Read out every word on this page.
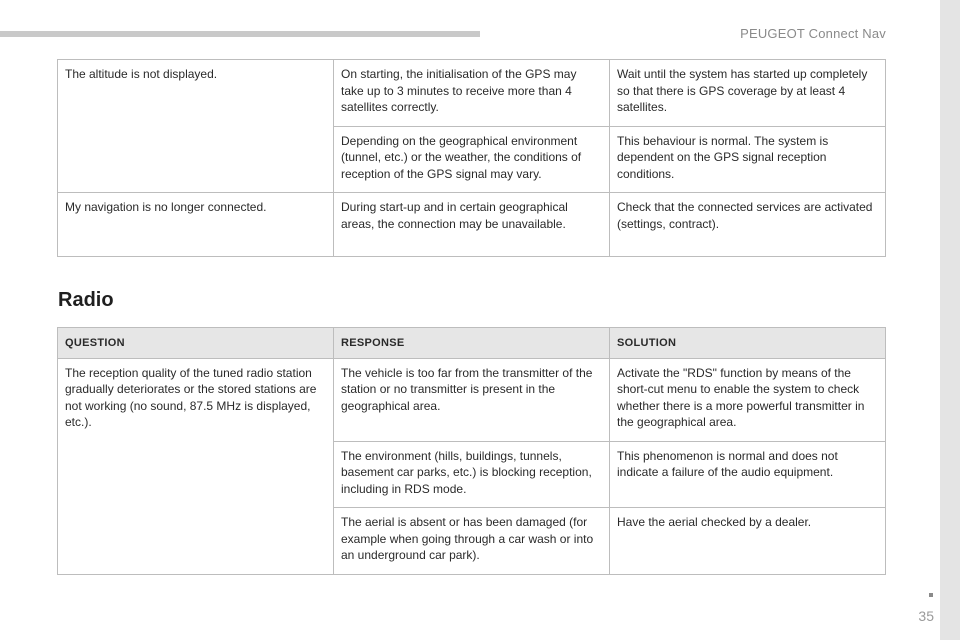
PEUGEOT Connect Nav
The altitude is not displayed.	On starting, the initialisation of the GPS may take up to 3 minutes to receive more than 4 satellites correctly.	Wait until the system has started up completely so that there is GPS coverage by at least 4 satellites.
	Depending on the geographical environment (tunnel, etc.) or the weather, the conditions of reception of the GPS signal may vary.	This behaviour is normal. The system is dependent on the GPS signal reception conditions.
My navigation is no longer connected.	During start-up and in certain geographical areas, the connection may be unavailable.	Check that the connected services are activated (settings, contract).
Radio
QUESTION	RESPONSE	SOLUTION
The reception quality of the tuned radio station gradually deteriorates or the stored stations are not working (no sound, 87.5 MHz is displayed, etc.).	The vehicle is too far from the transmitter of the station or no transmitter is present in the geographical area.	Activate the "RDS" function by means of the short-cut menu to enable the system to check whether there is a more powerful transmitter in the geographical area.
	The environment (hills, buildings, tunnels, basement car parks, etc.) is blocking reception, including in RDS mode.	This phenomenon is normal and does not indicate a failure of the audio equipment.
	The aerial is absent or has been damaged (for example when going through a car wash or into an underground car park).	Have the aerial checked by a dealer.
35
